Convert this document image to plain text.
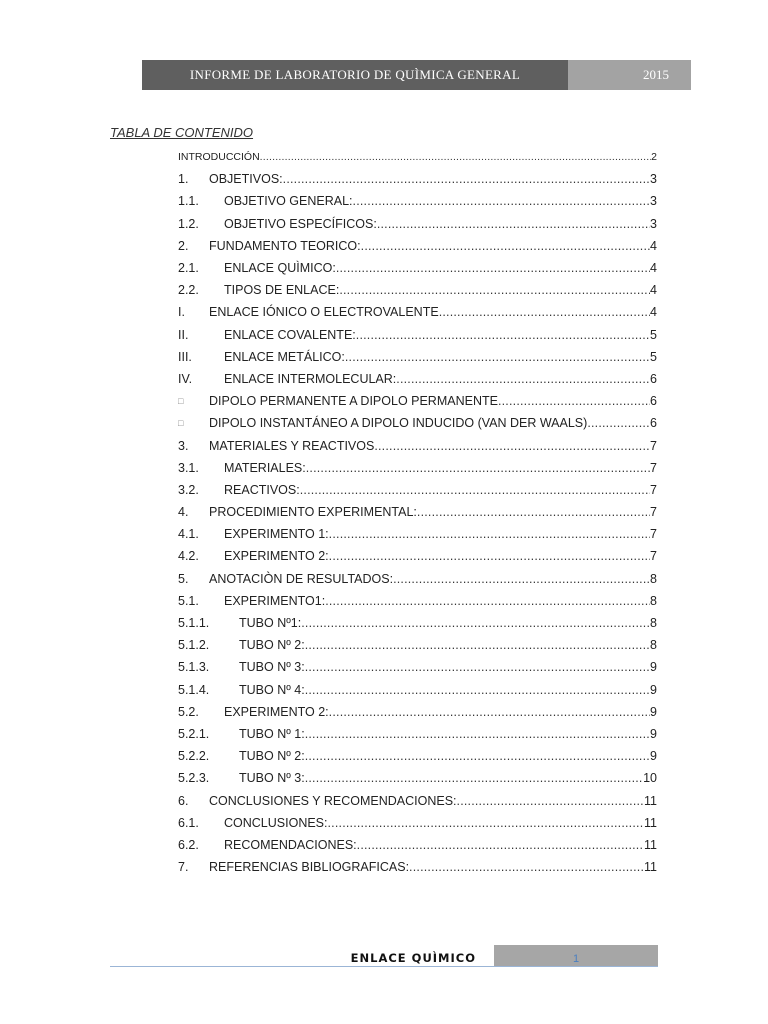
INFORME DE LABORATORIO DE QUÌMICA GENERAL	2015
TABLA DE CONTENIDO
INTRODUCCIÓN .....	2
1.	OBJETIVOS: .....	3
1.1.	OBJETIVO GENERAL: .....	3
1.2.	OBJETIVO ESPECÍFICOS: .....	3
2.	FUNDAMENTO TEORICO: .....	4
2.1.	ENLACE QUÌMICO: .....	4
2.2.	TIPOS DE ENLACE: .....	4
I.	ENLACE IÓNICO O ELECTROVALENTE .....	4
II.	ENLACE COVALENTE: .....	5
III.	ENLACE METÁLICO: .....	5
IV.	ENLACE INTERMOLECULAR: .....	6
□	DIPOLO PERMANENTE A DIPOLO PERMANENTE .....	6
□	DIPOLO INSTANTÁNEO A DIPOLO INDUCIDO (VAN DER WAALS) .....	6
3.	MATERIALES Y REACTIVOS .....	7
3.1.	MATERIALES: .....	7
3.2.	REACTIVOS: .....	7
4.	PROCEDIMIENTO EXPERIMENTAL: .....	7
4.1.	EXPERIMENTO 1: .....	7
4.2.	EXPERIMENTO 2: .....	7
5.	ANOTACIÒN DE RESULTADOS: .....	8
5.1.	EXPERIMENTO1: .....	8
5.1.1.	TUBO Nº1: .....	8
5.1.2.	TUBO Nº 2: .....	8
5.1.3.	TUBO Nº 3: .....	9
5.1.4.	TUBO Nº 4: .....	9
5.2.	EXPERIMENTO 2: .....	9
5.2.1.	TUBO Nº 1: .....	9
5.2.2.	TUBO Nº 2: .....	9
5.2.3.	TUBO Nº 3: .....	10
6.	CONCLUSIONES Y RECOMENDACIONES: .....	11
6.1.	CONCLUSIONES: .....	11
6.2.	RECOMENDACIONES: .....	11
7.	REFERENCIAS BIBLIOGRAFICAS: .....	11
ENLACE QUÌMICO	1
